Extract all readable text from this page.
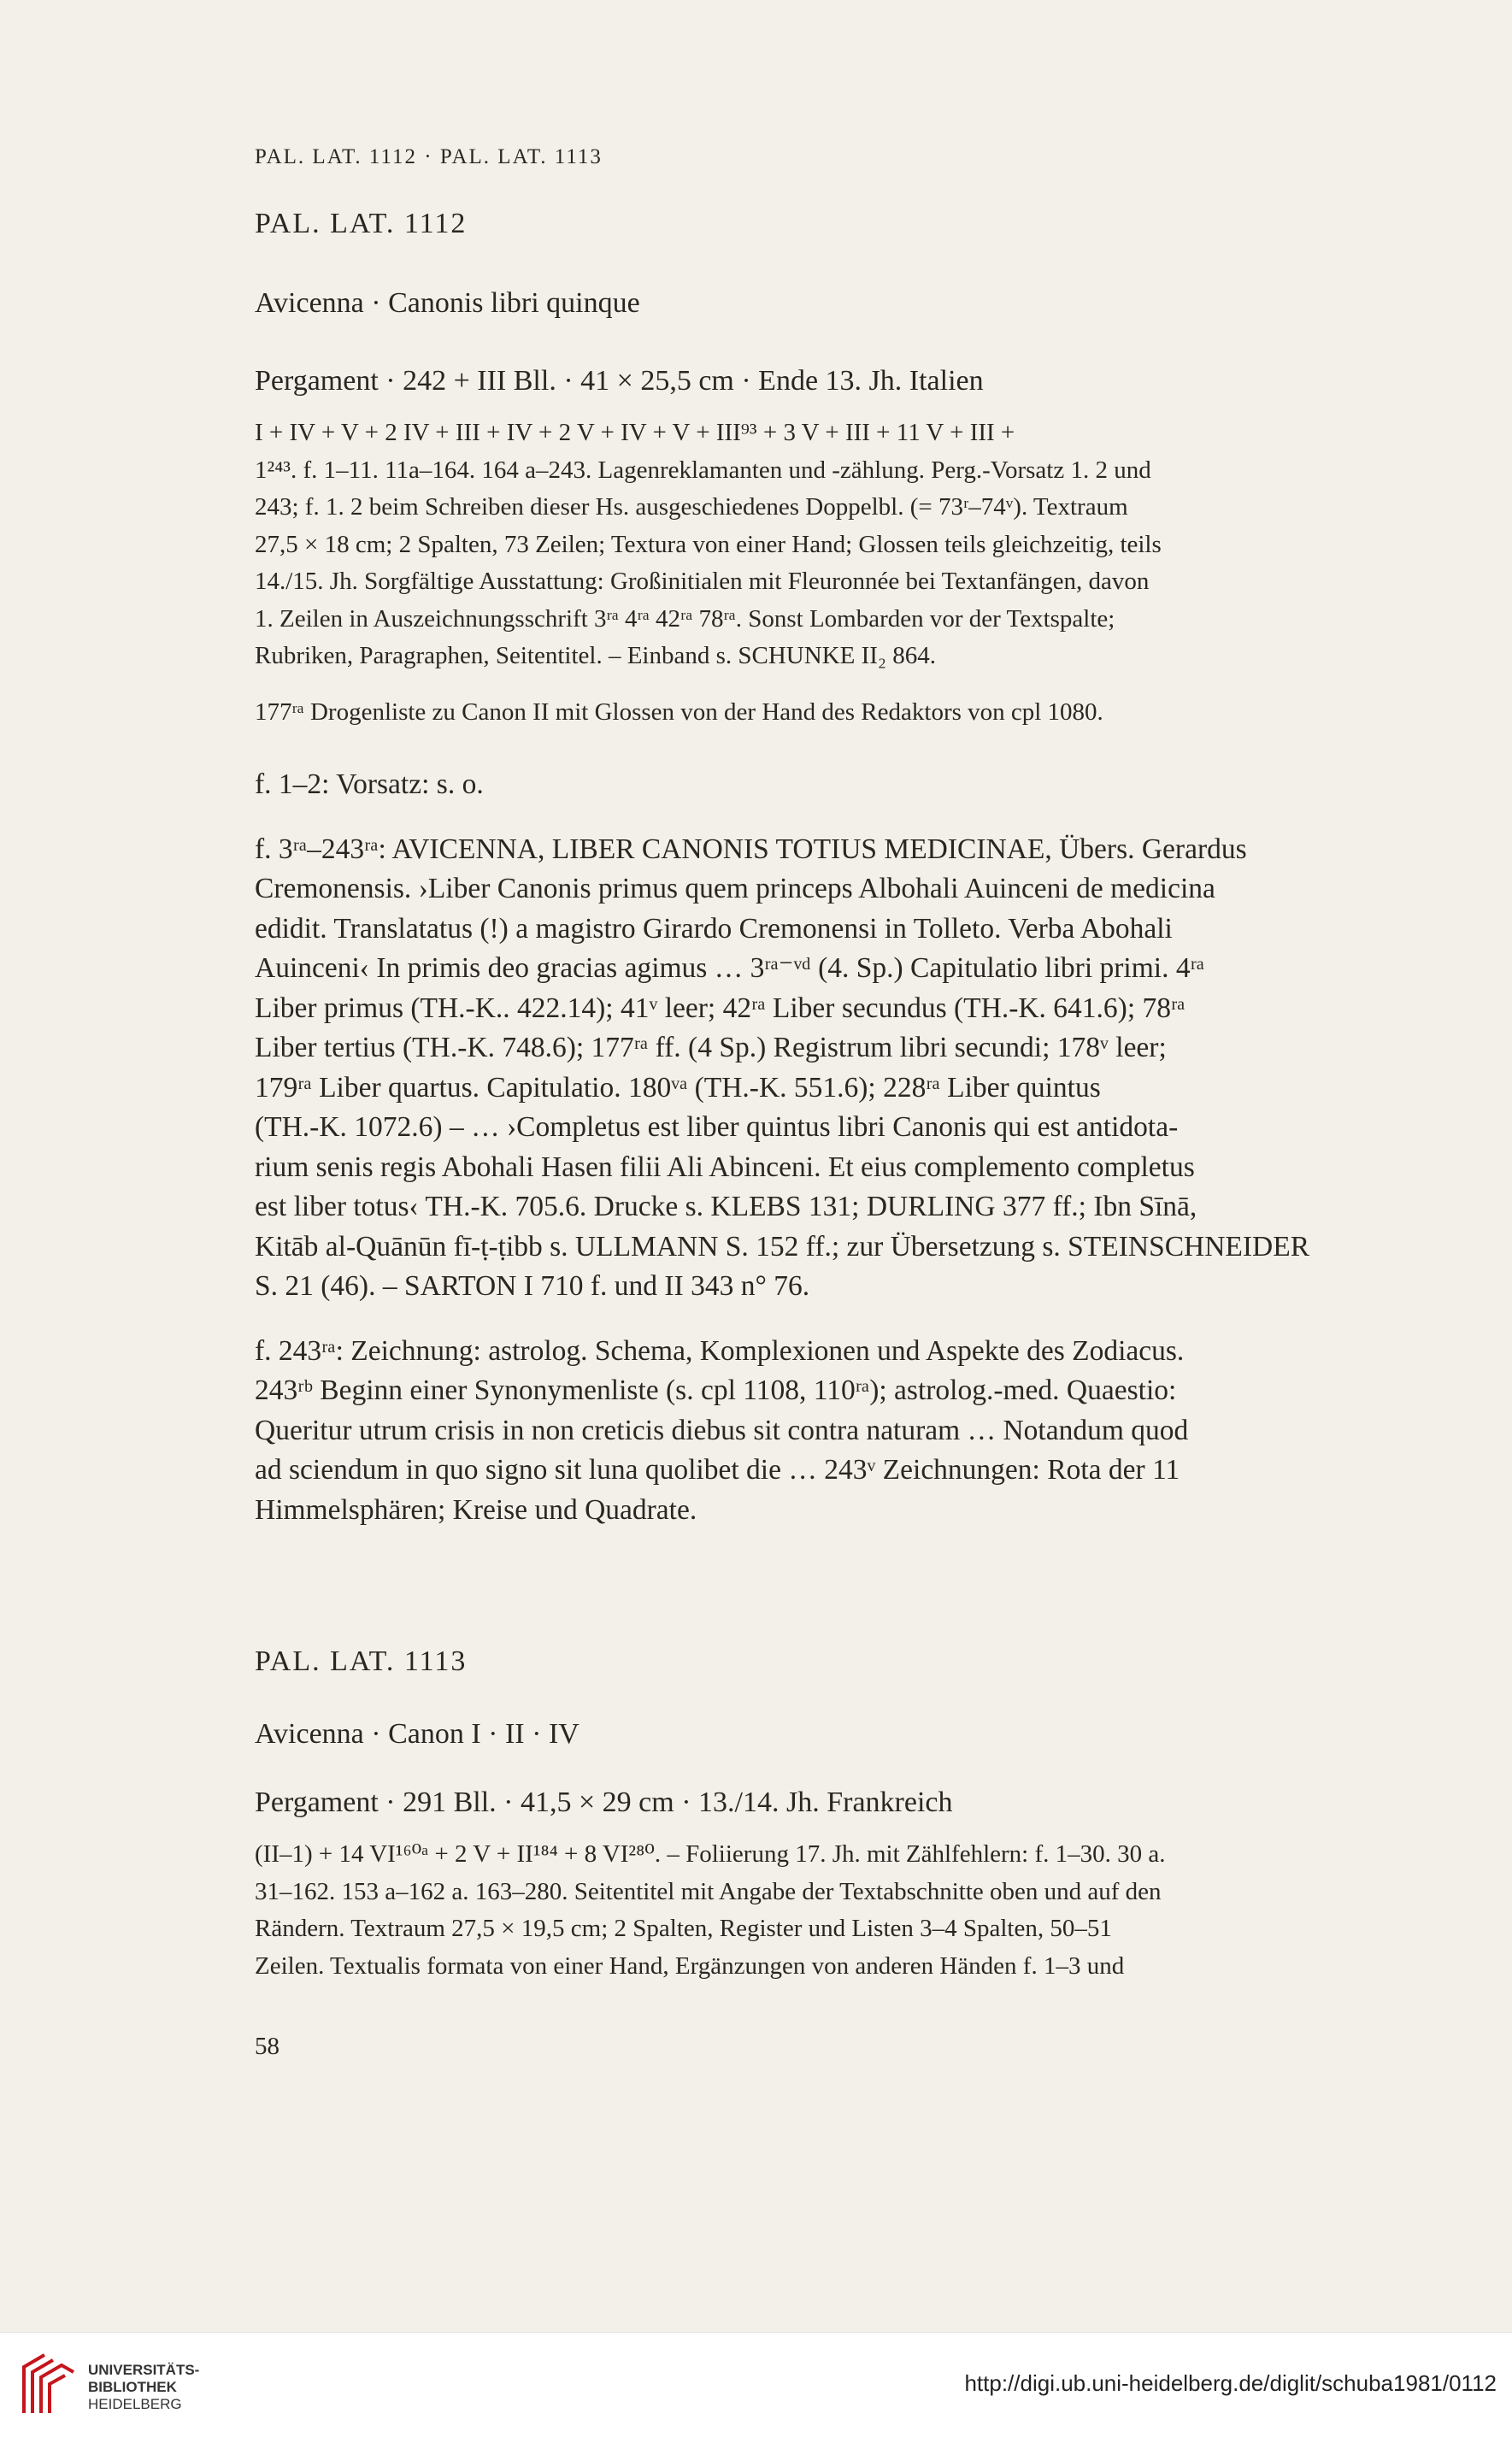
PAL. LAT. 1112 · PAL. LAT. 1113
PAL. LAT. 1112
Avicenna · Canonis libri quinque
Pergament · 242 + III Bll. · 41 × 25,5 cm · Ende 13. Jh. Italien

I + IV + V + 2 IV + III + IV + 2 V + IV + V + III⁹³ + 3 V + III + 11 V + III +

1²⁴³. f. 1–11. 11a–164. 164 a–243. Lagenreklamanten und -zählung. Perg.-Vorsatz 1. 2 und

243; f. 1. 2 beim Schreiben dieser Hs. ausgeschiedenes Doppelbl. (= 73ʳ–74ᵛ). Textraum

27,5 × 18 cm; 2 Spalten, 73 Zeilen; Textura von einer Hand; Glossen teils gleichzeitig, teils

14./15. Jh. Sorgfältige Ausstattung: Großinitialen mit Fleuronnée bei Textanfängen, davon

1. Zeilen in Auszeichnungsschrift 3ʳᵃ 4ʳᵃ 42ʳᵃ 78ʳᵃ. Sonst Lombarden vor der Textspalte;

Rubriken, Paragraphen, Seitentitel. – Einband s. SCHUNKE II₂ 864.

177ʳᵃ Drogenliste zu Canon II mit Glossen von der Hand des Redaktors von cpl 1080.

f. 1–2: Vorsatz: s. o.

f. 3ʳᵃ–243ʳᵃ: AVICENNA, LIBER CANONIS TOTIUS MEDICINAE, Übers. Gerardus

Cremonensis. ›Liber Canonis primus quem princeps Albohali Auinceni de medicina

edidit. Translatatus (!) a magistro Girardo Cremonensi in Tolleto. Verba Abohali

Auinceni‹ In primis deo gracias agimus … 3ʳᵃ⁻ᵛᵈ (4. Sp.) Capitulatio libri primi. 4ʳᵃ

Liber primus (TH.-K.. 422.14); 41ᵛ leer; 42ʳᵃ Liber secundus (TH.-K. 641.6); 78ʳᵃ

Liber tertius (TH.-K. 748.6); 177ʳᵃ ff. (4 Sp.) Registrum libri secundi; 178ᵛ leer;

179ʳᵃ Liber quartus. Capitulatio. 180ᵛᵃ (TH.-K. 551.6); 228ʳᵃ Liber quintus

(TH.-K. 1072.6) – … ›Completus est liber quintus libri Canonis qui est antidota-

rium senis regis Abohali Hasen filii Ali Abinceni. Et eius complemento completus

est liber totus‹ TH.-K. 705.6. Drucke s. KLEBS 131; DURLING 377 ff.; Ibn Sīnā,

Kitāb al-Quānūn fī-ṭ-ṭibb s. ULLMANN S. 152 ff.; zur Übersetzung s. STEINSCHNEIDER

S. 21 (46). – SARTON I 710 f. und II 343 n° 76.

f. 243ʳᵃ: Zeichnung: astrolog. Schema, Komplexionen und Aspekte des Zodiacus.

243ʳᵇ Beginn einer Synonymenliste (s. cpl 1108, 110ʳᵃ); astrolog.-med. Quaestio:

Queritur utrum crisis in non creticis diebus sit contra naturam … Notandum quod

ad sciendum in quo signo sit luna quolibet die … 243ᵛ Zeichnungen: Rota der 11

Himmelsphären; Kreise und Quadrate.

PAL. LAT. 1113
Avicenna · Canon I · II · IV
Pergament · 291 Bll. · 41,5 × 29 cm · 13./14. Jh. Frankreich

(II–1) + 14 VI¹⁶⁰ᵃ + 2 V + II¹⁸⁴ + 8 VI²⁸⁰. – Foliierung 17. Jh. mit Zählfehlern: f. 1–30. 30 a.

31–162. 153 a–162 a. 163–280. Seitentitel mit Angabe der Textabschnitte oben und auf den

Rändern. Textraum 27,5 × 19,5 cm; 2 Spalten, Register und Listen 3–4 Spalten, 50–51

Zeilen. Textualis formata von einer Hand, Ergänzungen von anderen Händen f. 1–3 und

58
UNIVERSITÄTS-
BIBLIOTHEK
HEIDELBERG
http://digi.ub.uni-heidelberg.de/diglit/schuba1981/0112
